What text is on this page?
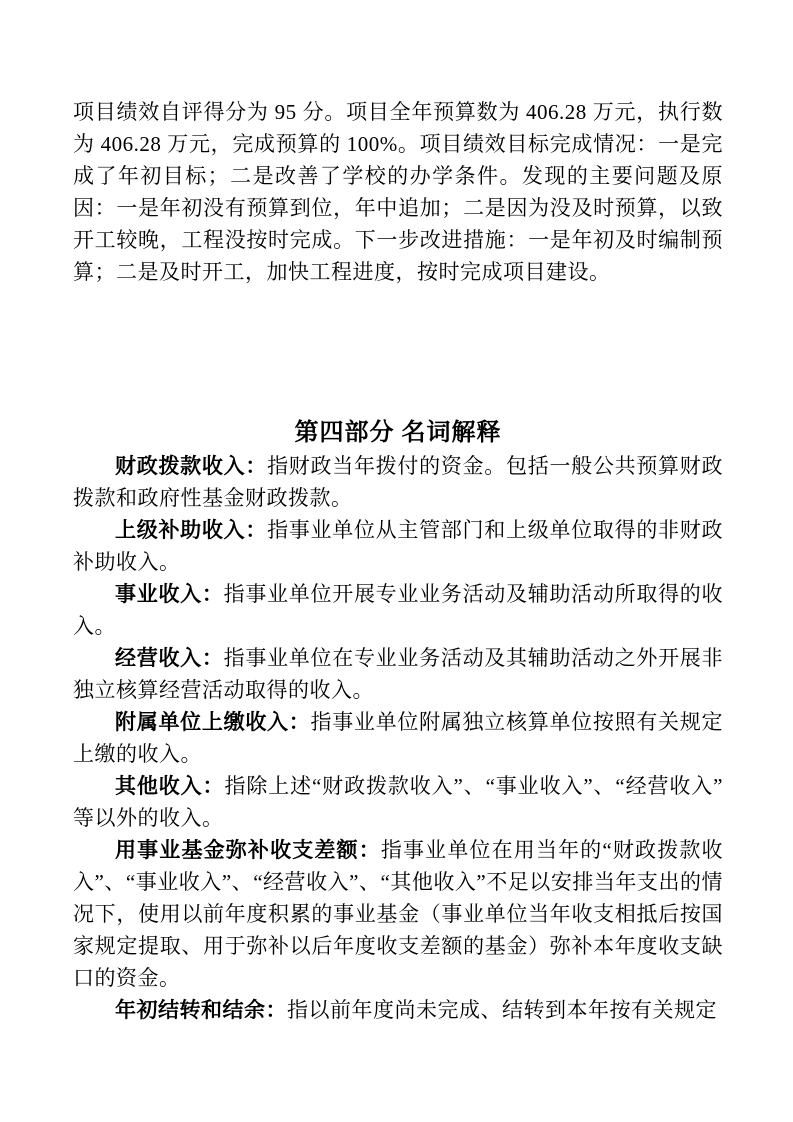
项目绩效自评得分为 95 分。项目全年预算数为 406.28 万元，执行数为 406.28 万元，完成预算的 100%。项目绩效目标完成情况：一是完成了年初目标；二是改善了学校的办学条件。发现的主要问题及原因：一是年初没有预算到位，年中追加；二是因为没及时预算，以致开工较晚，工程没按时完成。下一步改进措施：一是年初及时编制预算；二是及时开工，加快工程进度，按时完成项目建设。

第四部分 名词解释

财政拨款收入：指财政当年拨付的资金。包括一般公共预算财政拨款和政府性基金财政拨款。

上级补助收入：指事业单位从主管部门和上级单位取得的非财政补助收入。

事业收入：指事业单位开展专业业务活动及辅助活动所取得的收入。

经营收入：指事业单位在专业业务活动及其辅助活动之外开展非独立核算经营活动取得的收入。

附属单位上缴收入：指事业单位附属独立核算单位按照有关规定上缴的收入。

其他收入：指除上述“财政拨款收入”、“事业收入”、“经营收入”等以外的收入。

用事业基金弥补收支差额：指事业单位在用当年的“财政拨款收入”、“事业收入”、“经营收入”、“其他收入”不足以安排当年支出的情况下，使用以前年度积累的事业基金（事业单位当年收支相抵后按国家规定提取、用于弥补以后年度收支差额的基金）弥补本年度收支缺口的资金。

年初结转和结余：指以前年度尚未完成、结转到本年按有关规定
